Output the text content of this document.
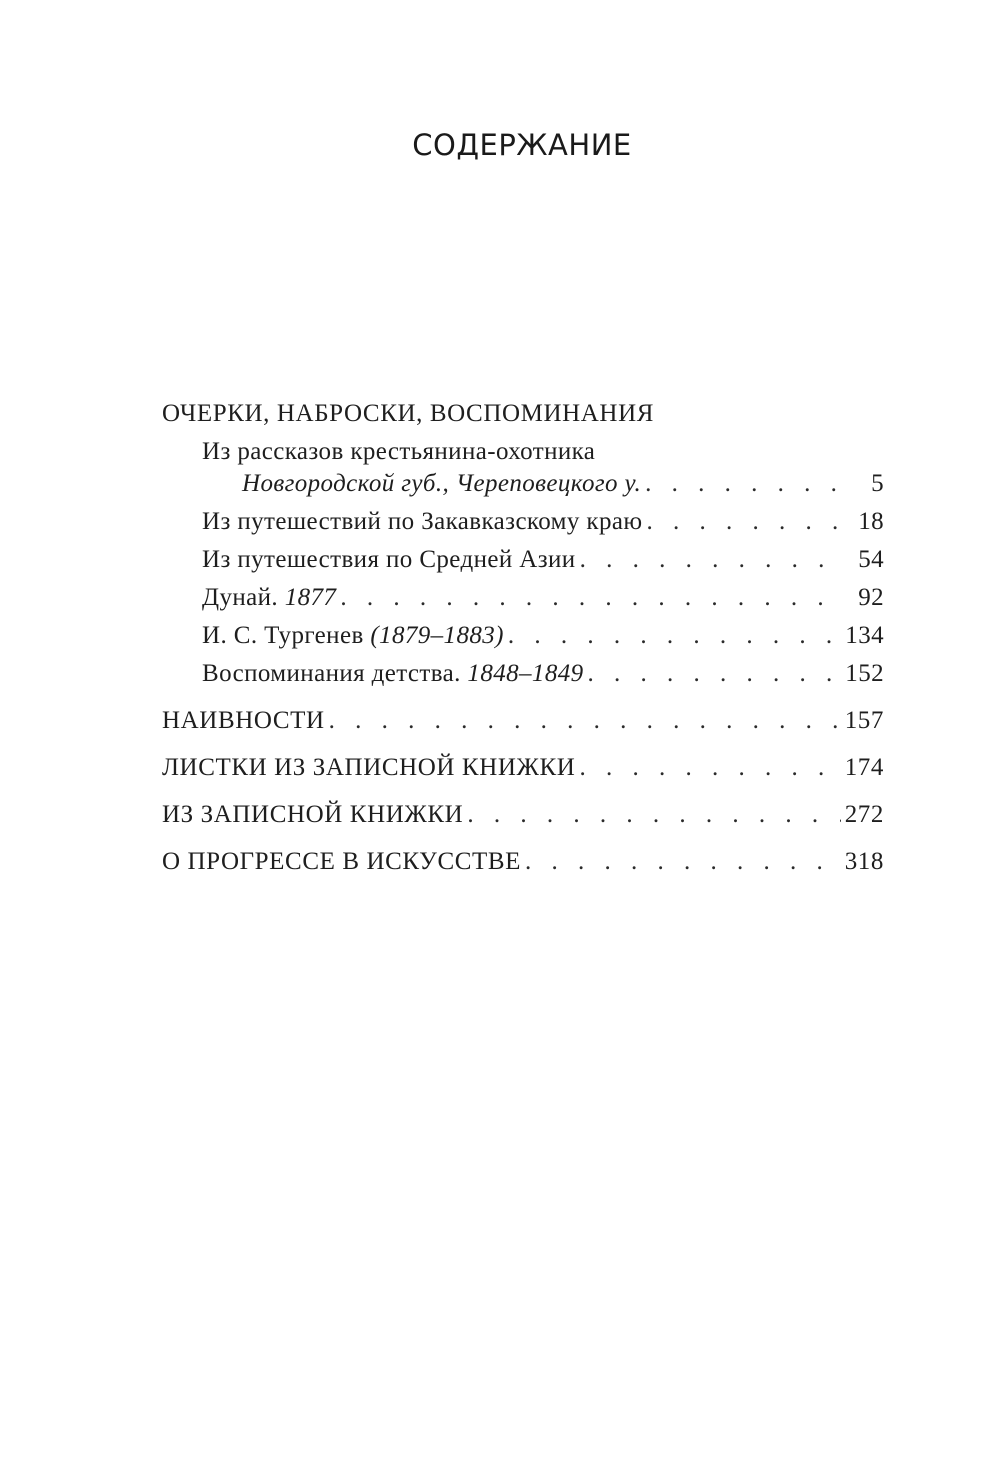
СОДЕРЖАНИЕ
ОЧЕРКИ, НАБРОСКИ, ВОСПОМИНАНИЯ
Из рассказов крестьянина-охотника
Новгородской губ., Череповецкого у. . . .	5
Из путешествий по Закавказскому краю . . .	18
Из путешествия по Средней Азии . . .	54
Дунай. 1877 . . .	92
И. С. Тургенев (1879–1883) . . .	134
Воспоминания детства. 1848–1849 . . .	152
НАИВНОСТИ . . .	157
ЛИСТКИ ИЗ ЗАПИСНОЙ КНИЖКИ . . .	174
ИЗ ЗАПИСНОЙ КНИЖКИ . . .	272
О ПРОГРЕССЕ В ИСКУССТВЕ . . .	318
